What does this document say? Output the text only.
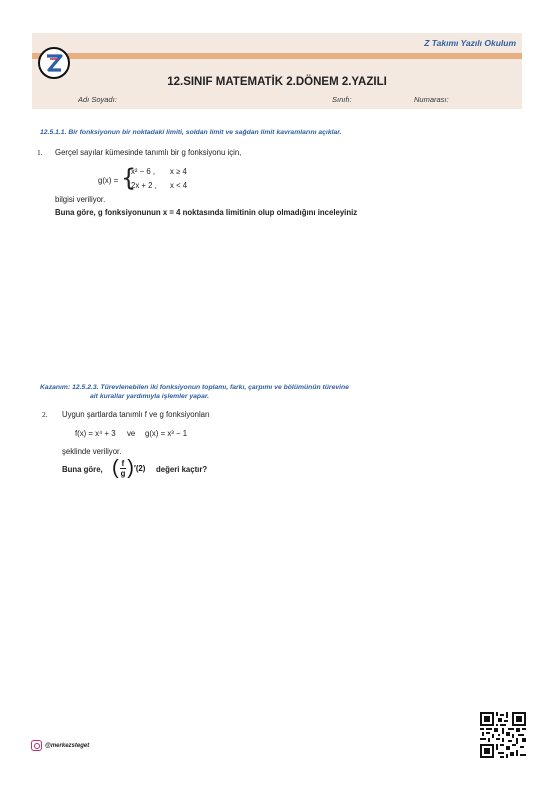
Z Takımı Yazılı Okulum
12.SINIF MATEMATİK 2.DÖNEM 2.YAZILI
Adı Soyadı:	Sınıfı:	Numarası:
12.5.1.1. Bir fonksiyonun bir noktadaki limiti, soldan limit ve sağdan limit kavramlarını açıklar.
1. Gerçel sayılar kümesinde tanımlı bir g fonksiyonu için,
g(x) = {
x² − 6 , x ≥ 4
2x + 2 , x < 4
bilgisi veriliyor.
Buna göre, g fonksiyonunun x = 4 noktasında limitinin olup olmadığını inceleyiniz
Kazanım: 12.5.2.3. Türevlenebilen iki fonksiyonun toplamı, farkı, çarpımı ve bölümünün türevine
ait kurallar yardımıyla işlemler yapar.
2. Uygun şartlarda tanımlı f ve g fonksiyonları
f(x) = x⁴ + 3 ve g(x) = x³ − 1
şeklinde veriliyor.
Buna göre, ( $\frac{f}{g}$ ) ′(2) değeri kaçtır?
@merkezsteget
